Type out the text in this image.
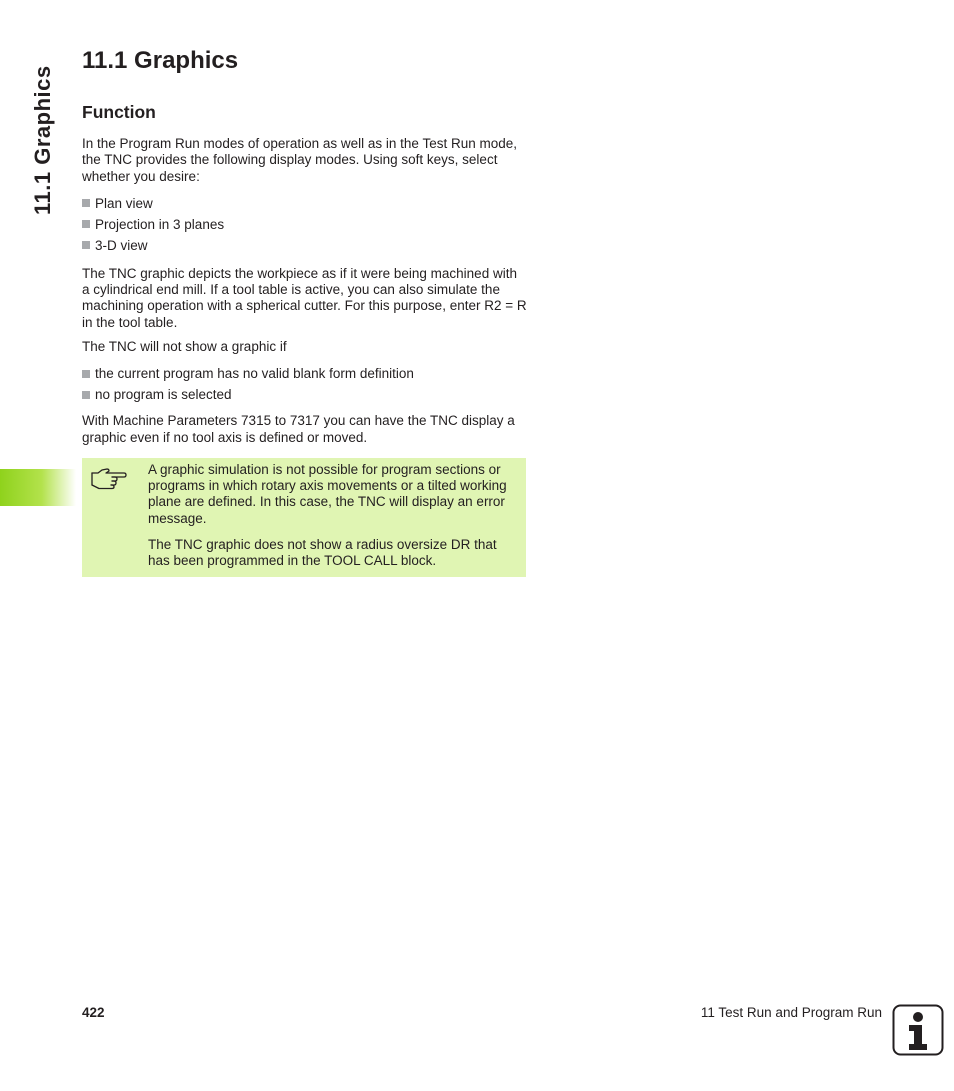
11.1 Graphics
11.1 Graphics
Function

In the Program Run modes of operation as well as in the Test Run mode, the TNC provides the following display modes. Using soft keys, select whether you desire:

Plan view
Projection in 3 planes
3-D view

The TNC graphic depicts the workpiece as if it were being machined with a cylindrical end mill. If a tool table is active, you can also simulate the machining operation with a spherical cutter. For this purpose, enter R2 = R in the tool table.

The TNC will not show a graphic if

the current program has no valid blank form definition
no program is selected

With Machine Parameters 7315 to 7317 you can have the TNC display a graphic even if no tool axis is defined or moved.

A graphic simulation is not possible for program sections or programs in which rotary axis movements or a tilted working plane are defined. In this case, the TNC will display an error message.

The TNC graphic does not show a radius oversize DR that has been programmed in the TOOL CALL block.

422	11 Test Run and Program Run
